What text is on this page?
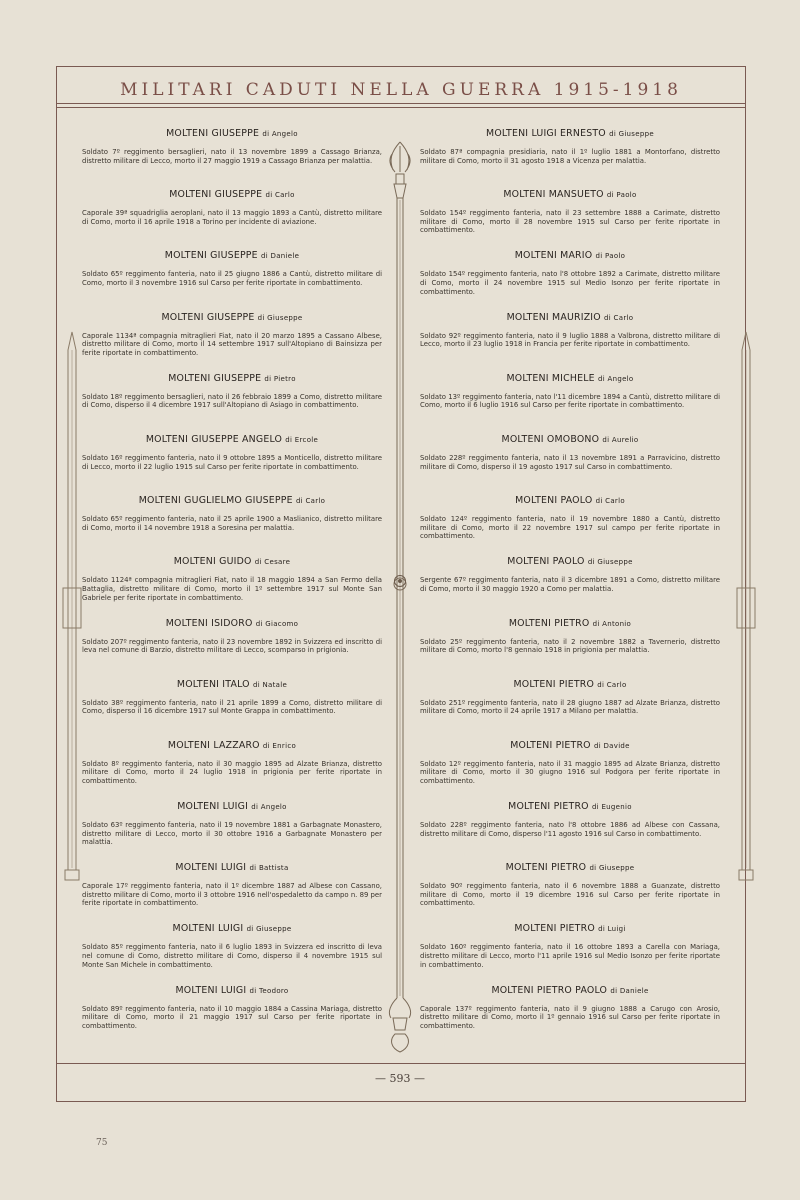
MILITARI CADUTI NELLA GUERRA 1915-1918

MOLTENI GIUSEPPE di Angelo

Soldato 7º reggimento bersaglieri, nato il 13 novembre 1899 a Cassago Brianza, distretto militare di Lecco, morto il 27 maggio 1919 a Cassago Brianza per malattia.

MOLTENI GIUSEPPE di Carlo

Caporale 39ª squadriglia aeroplani, nato il 13 maggio 1893 a Cantù, distretto militare di Como, morto il 16 aprile 1918 a Torino per incidente di aviazione.

MOLTENI GIUSEPPE di Daniele

Soldato 65º reggimento fanteria, nato il 25 giugno 1886 a Cantù, distretto militare di Como, morto il 3 novembre 1916 sul Carso per ferite riportate in combattimento.

MOLTENI GIUSEPPE di Giuseppe

Caporale 1134ª compagnia mitraglieri Fiat, nato il 20 marzo 1895 a Cassano Albese, distretto militare di Como, morto il 14 settembre 1917 sull'Altopiano di Bainsizza per ferite riportate in combattimento.

MOLTENI GIUSEPPE di Pietro

Soldato 18º reggimento bersaglieri, nato il 26 febbraio 1899 a Como, distretto militare di Como, disperso il 4 dicembre 1917 sull'Altopiano di Asiago in combattimento.

MOLTENI GIUSEPPE ANGELO di Ercole

Soldato 16º reggimento fanteria, nato il 9 ottobre 1895 a Monticello, distretto militare di Lecco, morto il 22 luglio 1915 sul Carso per ferite riportate in combattimento.

MOLTENI GUGLIELMO GIUSEPPE di Carlo

Soldato 65º reggimento fanteria, nato il 25 aprile 1900 a Maslianico, distretto militare di Como, morto il 14 novembre 1918 a Soresina per malattia.

MOLTENI GUIDO di Cesare

Soldato 1124ª compagnia mitraglieri Fiat, nato il 18 maggio 1894 a San Fermo della Battaglia, distretto militare di Como, morto il 1º settembre 1917 sul Monte San Gabriele per ferite riportate in combattimento.

MOLTENI ISIDORO di Giacomo

Soldato 207º reggimento fanteria, nato il 23 novembre 1892 in Svizzera ed inscritto di leva nel comune di Barzio, distretto militare di Lecco, scomparso in prigionia.

MOLTENI ITALO di Natale

Soldato 38º reggimento fanteria, nato il 21 aprile 1899 a Como, distretto militare di Como, disperso il 16 dicembre 1917 sul Monte Grappa in combattimento.

MOLTENI LAZZARO di Enrico

Soldato 8º reggimento fanteria, nato il 30 maggio 1895 ad Alzate Brianza, distretto militare di Como, morto il 24 luglio 1918 in prigionia per ferite riportate in combattimento.

MOLTENI LUIGI di Angelo

Soldato 63º reggimento fanteria, nato il 19 novembre 1881 a Garbagnate Monastero, distretto militare di Lecco, morto il 30 ottobre 1916 a Garbagnate Monastero per malattia.

MOLTENI LUIGI di Battista

Caporale 17º reggimento fanteria, nato il 1º dicembre 1887 ad Albese con Cassano, distretto militare di Como, morto il 3 ottobre 1916 nell'ospedaletto da campo n. 89 per ferite riportate in combattimento.

MOLTENI LUIGI di Giuseppe

Soldato 85º reggimento fanteria, nato il 6 luglio 1893 in Svizzera ed inscritto di leva nel comune di Como, distretto militare di Como, disperso il 4 novembre 1915 sul Monte San Michele in combattimento.

MOLTENI LUIGI di Teodoro

Soldato 89º reggimento fanteria, nato il 10 maggio 1884 a Cassina Mariaga, distretto militare di Como, morto il 21 maggio 1917 sul Carso per ferite riportate in combattimento.

MOLTENI LUIGI ERNESTO di Giuseppe

Soldato 87ª compagnia presidiaria, nato il 1º luglio 1881 a Montorfano, distretto militare di Como, morto il 31 agosto 1918 a Vicenza per malattia.

MOLTENI MANSUETO di Paolo

Soldato 154º reggimento fanteria, nato il 23 settembre 1888 a Carimate, distretto militare di Como, morto il 28 novembre 1915 sul Carso per ferite riportate in combattimento.

MOLTENI MARIO di Paolo

Soldato 154º reggimento fanteria, nato l'8 ottobre 1892 a Carimate, distretto militare di Como, morto il 24 novembre 1915 sul Medio Isonzo per ferite riportate in combattimento.

MOLTENI MAURIZIO di Carlo

Soldato 92º reggimento fanteria, nato il 9 luglio 1888 a Valbrona, distretto militare di Lecco, morto il 23 luglio 1918 in Francia per ferite riportate in combattimento.

MOLTENI MICHELE di Angelo

Soldato 13º reggimento fanteria, nato l'11 dicembre 1894 a Cantù, distretto militare di Como, morto il 6 luglio 1916 sul Carso per ferite riportate in combattimento.

MOLTENI OMOBONO di Aurelio

Soldato 228º reggimento fanteria, nato il 13 novembre 1891 a Parravicino, distretto militare di Como, disperso il 19 agosto 1917 sul Carso in combattimento.

MOLTENI PAOLO di Carlo

Soldato 124º reggimento fanteria, nato il 19 novembre 1880 a Cantù, distretto militare di Como, morto il 22 novembre 1917 sul campo per ferite riportate in combattimento.

MOLTENI PAOLO di Giuseppe

Sergente 67º reggimento fanteria, nato il 3 dicembre 1891 a Como, distretto militare di Como, morto il 30 maggio 1920 a Como per malattia.

MOLTENI PIETRO di Antonio

Soldato 25º reggimento fanteria, nato il 2 novembre 1882 a Tavernerio, distretto militare di Como, morto l'8 gennaio 1918 in prigionia per malattia.

MOLTENI PIETRO di Carlo

Soldato 251º reggimento fanteria, nato il 28 giugno 1887 ad Alzate Brianza, distretto militare di Como, morto il 24 aprile 1917 a Milano per malattia.

MOLTENI PIETRO di Davide

Soldato 12º reggimento fanteria, nato il 31 maggio 1895 ad Alzate Brianza, distretto militare di Como, morto il 30 giugno 1916 sul Podgora per ferite riportate in combattimento.

MOLTENI PIETRO di Eugenio

Soldato 228º reggimento fanteria, nato l'8 ottobre 1886 ad Albese con Cassana, distretto militare di Como, disperso l'11 agosto 1916 sul Carso in combattimento.

MOLTENI PIETRO di Giuseppe

Soldato 90º reggimento fanteria, nato il 6 novembre 1888 a Guanzate, distretto militare di Como, morto il 19 dicembre 1916 sul Carso per ferite riportate in combattimento.

MOLTENI PIETRO di Luigi

Soldato 160º reggimento fanteria, nato il 16 ottobre 1893 a Carella con Mariaga, distretto militare di Lecco, morto l'11 aprile 1916 sul Medio Isonzo per ferite riportate in combattimento.

MOLTENI PIETRO PAOLO di Daniele

Caporale 137º reggimento fanteria, nato il 9 giugno 1888 a Carugo con Arosio, distretto militare di Como, morto il 1º gennaio 1916 sul Carso per ferite riportate in combattimento.

— 593 —
75
